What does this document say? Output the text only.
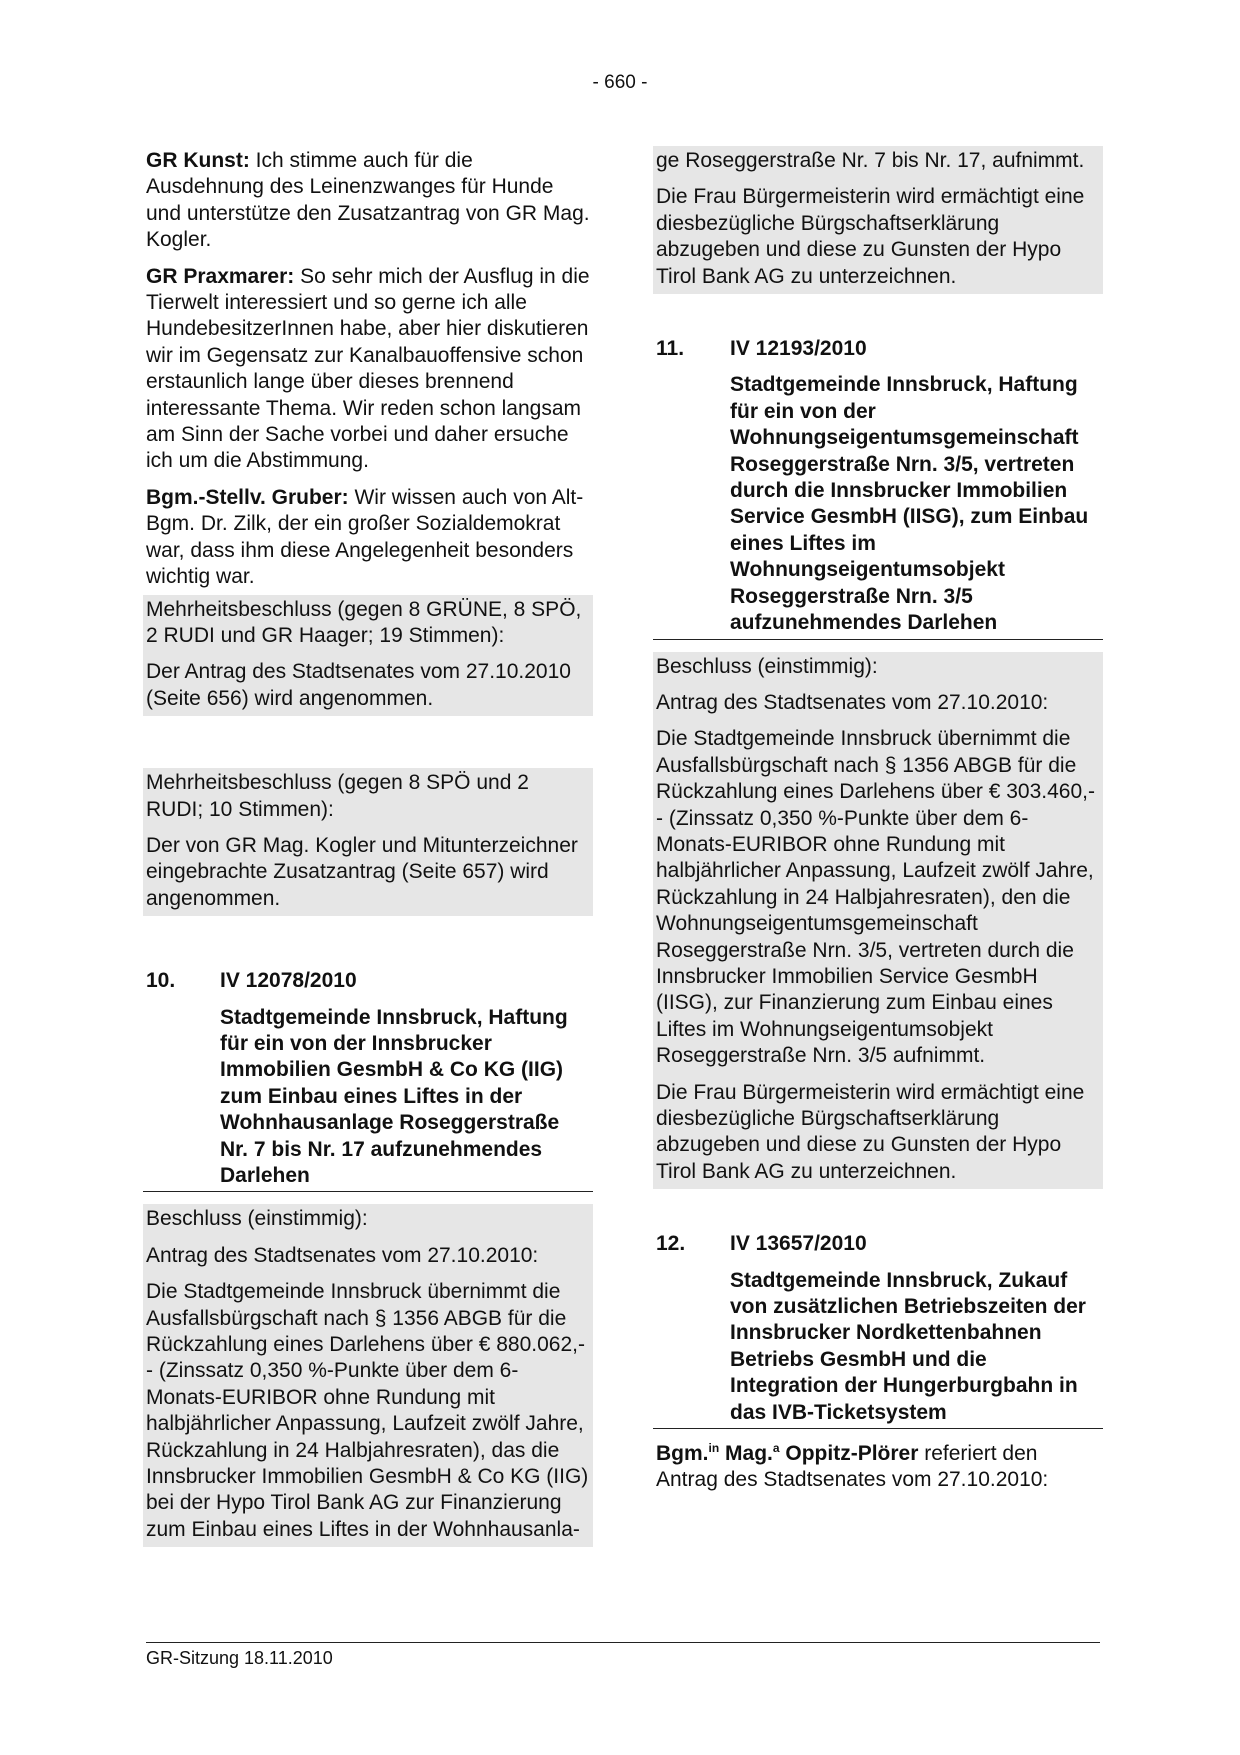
- 660 -

GR Kunst: Ich stimme auch für die Ausdehnung des Leinenzwanges für Hunde und unterstütze den Zusatzantrag von GR Mag. Kogler.

GR Praxmarer: So sehr mich der Ausflug in die Tierwelt interessiert und so gerne ich alle HundebesitzerInnen habe, aber hier diskutieren wir im Gegensatz zur Kanalbauoffensive schon erstaunlich lange über dieses brennend interessante Thema. Wir reden schon langsam am Sinn der Sache vorbei und daher ersuche ich um die Abstimmung.

Bgm.-Stellv. Gruber: Wir wissen auch von Alt-Bgm. Dr. Zilk, der ein großer Sozialdemokrat war, dass ihm diese Angelegenheit besonders wichtig war.

Mehrheitsbeschluss (gegen 8 GRÜNE, 8 SPÖ, 2 RUDI und GR Haager; 19 Stimmen):

Der Antrag des Stadtsenates vom 27.10.2010 (Seite 656) wird angenommen.

Mehrheitsbeschluss (gegen 8 SPÖ und 2 RUDI; 10 Stimmen):

Der von GR Mag. Kogler und Mitunterzeichner eingebrachte Zusatzantrag (Seite 657) wird angenommen.

10.	IV 12078/2010
Stadtgemeinde Innsbruck, Haftung für ein von der Innsbrucker Immobilien GesmbH & Co KG (IIG) zum Einbau eines Liftes in der Wohnhausanlage Roseggerstraße Nr. 7 bis Nr. 17 aufzunehmendes Darlehen

Beschluss (einstimmig):

Antrag des Stadtsenates vom 27.10.2010:

Die Stadtgemeinde Innsbruck übernimmt die Ausfallsbürgschaft nach § 1356 ABGB für die Rückzahlung eines Darlehens über € 880.062,-- (Zinssatz 0,350 %-Punkte über dem 6-Monats-EURIBOR ohne Rundung mit halbjährlicher Anpassung, Laufzeit zwölf Jahre, Rückzahlung in 24 Halbjahresraten), das die Innsbrucker Immobilien GesmbH & Co KG (IIG) bei der Hypo Tirol Bank AG zur Finanzierung zum Einbau eines Liftes in der Wohnhausanla-

ge Roseggerstraße Nr. 7 bis Nr. 17, aufnimmt.

Die Frau Bürgermeisterin wird ermächtigt eine diesbezügliche Bürgschaftserklärung abzugeben und diese zu Gunsten der Hypo Tirol Bank AG zu unterzeichnen.

11.	IV 12193/2010
Stadtgemeinde Innsbruck, Haftung für ein von der Wohnungseigentumsgemeinschaft Roseggerstraße Nrn. 3/5, vertreten durch die Innsbrucker Immobilien Service GesmbH (IISG), zum Einbau eines Liftes im Wohnungseigentumsobjekt Roseggerstraße Nrn. 3/5 aufzunehmendes Darlehen

Beschluss (einstimmig):

Antrag des Stadtsenates vom 27.10.2010:

Die Stadtgemeinde Innsbruck übernimmt die Ausfallsbürgschaft nach § 1356 ABGB für die Rückzahlung eines Darlehens über € 303.460,-- (Zinssatz 0,350 %-Punkte über dem 6-Monats-EURIBOR ohne Rundung mit halbjährlicher Anpassung, Laufzeit zwölf Jahre, Rückzahlung in 24 Halbjahresraten), den die Wohnungseigentumsgemeinschaft Roseggerstraße Nrn. 3/5, vertreten durch die Innsbrucker Immobilien Service GesmbH (IISG), zur Finanzierung zum Einbau eines Liftes im Wohnungseigentumsobjekt Roseggerstraße Nrn. 3/5 aufnimmt.

Die Frau Bürgermeisterin wird ermächtigt eine diesbezügliche Bürgschaftserklärung abzugeben und diese zu Gunsten der Hypo Tirol Bank AG zu unterzeichnen.

12.	IV 13657/2010
Stadtgemeinde Innsbruck, Zukauf von zusätzlichen Betriebszeiten der Innsbrucker Nordkettenbahnen Betriebs GesmbH und die Integration der Hungerburgbahn in das IVB-Ticketsystem

Bgm.$^{in}$ Mag.$^a$ Oppitz-Plörer referiert den Antrag des Stadtsenates vom 27.10.2010:

GR-Sitzung 18.11.2010
